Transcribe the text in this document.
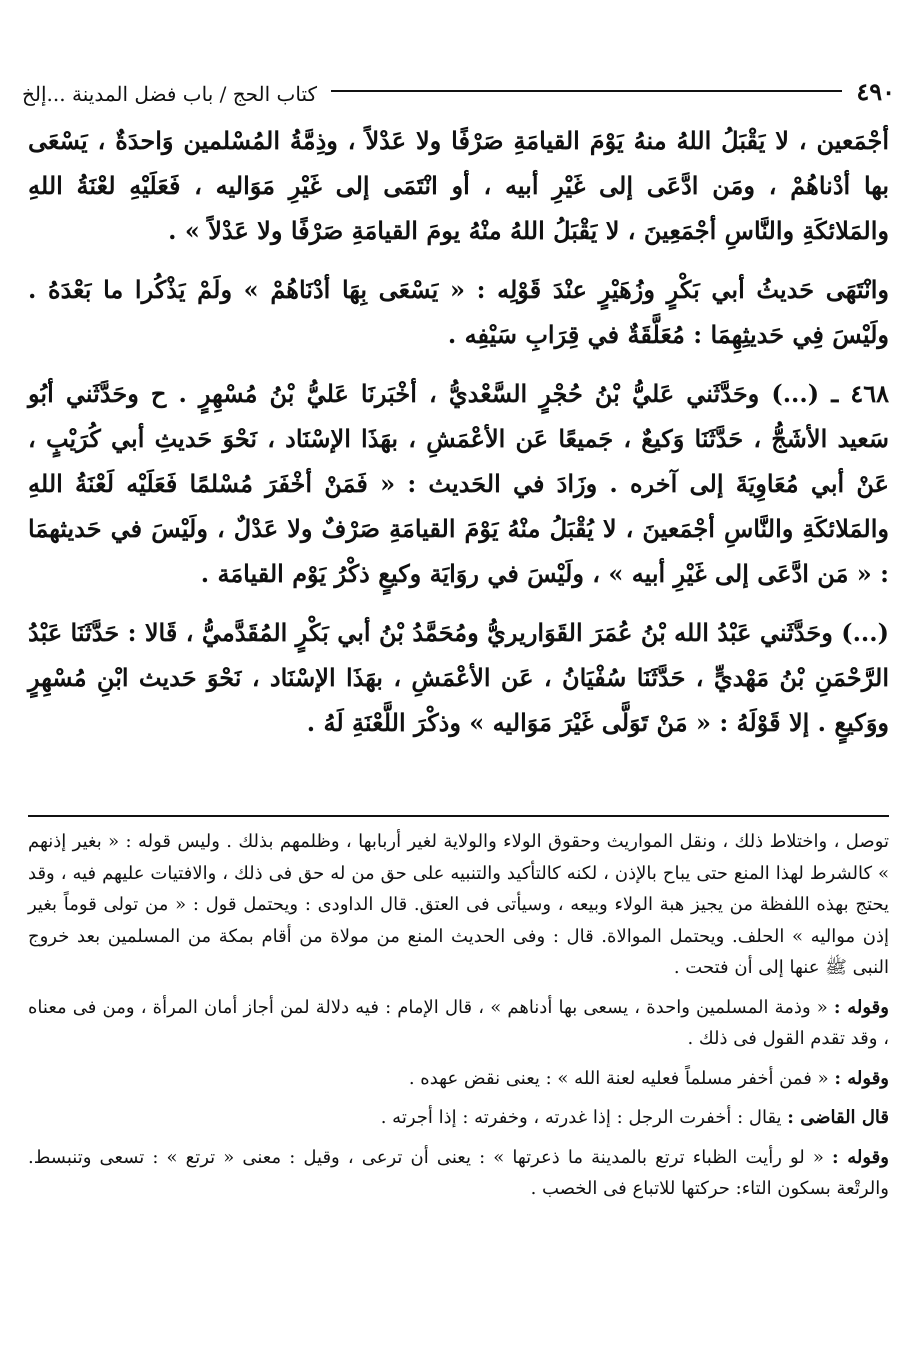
٤٩٠
كتاب الحج / باب فضل المدينة ...إلخ

أجْمَعين ، لا يَقْبَلُ اللهُ منهُ يَوْمَ القيامَةِ صَرْفًا ولا عَدْلاً ، وذِمَّةُ المُسْلمين وَاحدَةٌ ، يَسْعَى بها أدْناهُمْ ، ومَن ادَّعَى إلى غَيْرِ أبيه ، أو انْتَمَى إلى غَيْرِ مَوَاليه ، فَعَلَيْهِ لعْنَةُ اللهِ والمَلائكَةِ والنَّاسِ أجْمَعِينَ ، لا يَقْبَلُ اللهُ منْهُ يومَ القيامَةِ صَرْفًا ولا عَدْلاً » .

وانْتَهَى حَديثُ أبي بَكْرٍ وزُهَيْرٍ عنْدَ قَوْلِه : « يَسْعَى بِهَا أدْنَاهُمْ » ولَمْ يَذْكُرا ما بَعْدَهُ . ولَيْسَ فِي حَديثِهِمَا : مُعَلَّقَةٌ في قِرَابِ سَيْفِه .

٤٦٨ ـ (...) وحَدَّثَني عَليُّ بْنُ حُجْرٍ السَّعْديُّ ، أخْبَرنَا عَليُّ بْنُ مُسْهِرٍ . ح وحَدَّثَني أبُو سَعيد الأشَجُّ ، حَدَّثَنَا وَكيعٌ ، جَميعًا عَن الأعْمَشِ ، بهَذَا الإسْنَاد ، نَحْوَ حَديثِ أبي كُرَيْبٍ ، عَنْ أبي مُعَاوِيَةَ إلى آخره . وزَادَ في الحَديث : « فَمَنْ أخْفَرَ مُسْلمًا فَعَلَيْه لَعْنَةُ اللهِ والمَلائكَةِ والنَّاسِ أجْمَعينَ ، لا يُقْبَلُ منْهُ يَوْمَ القيامَةِ صَرْفٌ ولا عَدْلٌ ، ولَيْسَ في حَديثهمَا : « مَن ادَّعَى إلى غَيْرِ أبيه » ، ولَيْسَ في روَايَة وكيعٍ ذكْرُ يَوْم القيامَة .

(...) وحَدَّثَني عَبْدُ الله بْنُ عُمَرَ القَوَاريريُّ ومُحَمَّدُ بْنُ أبي بَكْرٍ المُقَدَّميُّ ، قَالا : حَدَّثَنَا عَبْدُ الرَّحْمَنِ بْنُ مَهْديٍّ ، حَدَّثَنَا سُفْيَانُ ، عَن الأعْمَشِ ، بهَذَا الإسْنَاد ، نَحْوَ حَديث ابْنِ مُسْهِرٍ ووَكيعٍ . إلا قَوْلَهُ : « مَنْ تَوَلَّى غَيْرَ مَوَاليه » وذكْرَ اللَّعْنَةِ لَهُ .

توصل ، واختلاط ذلك ، ونقل المواريث وحقوق الولاء والولاية لغير أربابها ، وظلمهم بذلك . وليس قوله : « بغير إذنهم » كالشرط لهذا المنع حتى يباح بالإذن ، لكنه كالتأكيد والتنبيه على حق من له حق فى ذلك ، والافتيات عليهم فيه ، وقد يحتج بهذه اللفظة من يجيز هبة الولاء وبيعه ، وسيأتى فى العتق. قال الداودى : ويحتمل قول : « من تولى قوماً بغير إذن مواليه » الحلف. ويحتمل الموالاة. قال : وفى الحديث المنع من مولاة من أقام بمكة من المسلمين بعد خروج النبى ﷺ عنها إلى أن فتحت .

وقوله : « وذمة المسلمين واحدة ، يسعى بها أدناهم » ، قال الإمام : فيه دلالة لمن أجاز أمان المرأة ، ومن فى معناه ، وقد تقدم القول فى ذلك .

وقوله : « فمن أخفر مسلماً فعليه لعنة الله » : يعنى نقض عهده .

قال القاضى : يقال : أخفرت الرجل : إذا غدرته ، وخفرته : إذا أجرته .

وقوله : « لو رأيت الظباء ترتع بالمدينة ما ذعرتها » : يعنى أن ترعى ، وقيل : معنى « ترتع » : تسعى وتنبسط. والرتْعة بسكون التاء: حركتها للاتباع فى الخصب .
